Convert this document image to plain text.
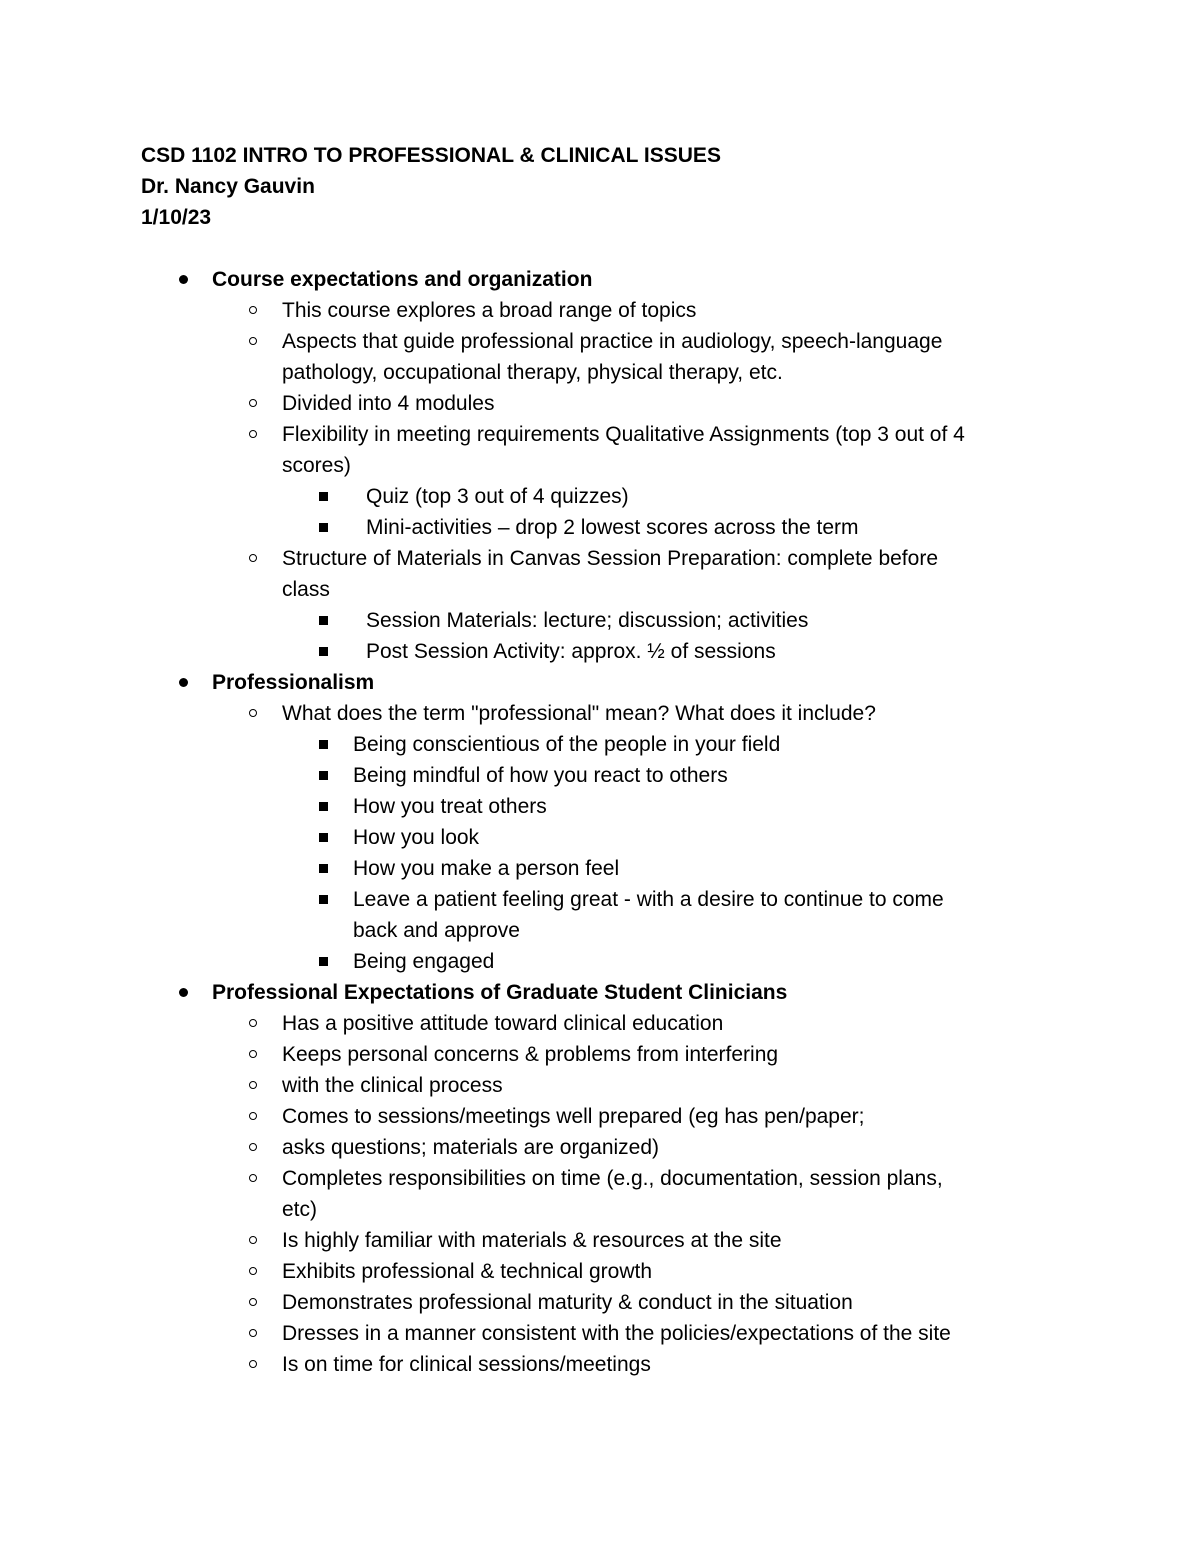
CSD 1102 INTRO TO PROFESSIONAL & CLINICAL ISSUES
Dr. Nancy Gauvin
1/10/23
Course expectations and organization
This course explores a broad range of topics
Aspects that guide professional practice in audiology, speech-language
pathology, occupational therapy, physical therapy, etc.
Divided into 4 modules
Flexibility in meeting requirements Qualitative Assignments (top 3 out of 4
scores)
Quiz (top 3 out of 4 quizzes)
Mini-activities – drop 2 lowest scores across the term
Structure of Materials in Canvas Session Preparation: complete before
class
Session Materials: lecture; discussion; activities
Post Session Activity: approx. ½ of sessions
Professionalism
What does the term "professional" mean? What does it include?
Being conscientious of the people in your field
Being mindful of how you react to others
How you treat others
How you look
How you make a person feel
Leave a patient feeling great - with a desire to continue to come
back and approve
Being engaged
Professional Expectations of Graduate Student Clinicians
Has a positive attitude toward clinical education
Keeps personal concerns & problems from interfering
with the clinical process
Comes to sessions/meetings well prepared (eg has pen/paper;
asks questions; materials are organized)
Completes responsibilities on time (e.g., documentation, session plans,
etc)
Is highly familiar with materials & resources at the site
Exhibits professional & technical growth
Demonstrates professional maturity & conduct in the situation
Dresses in a manner consistent with the policies/expectations of the site
Is on time for clinical sessions/meetings
